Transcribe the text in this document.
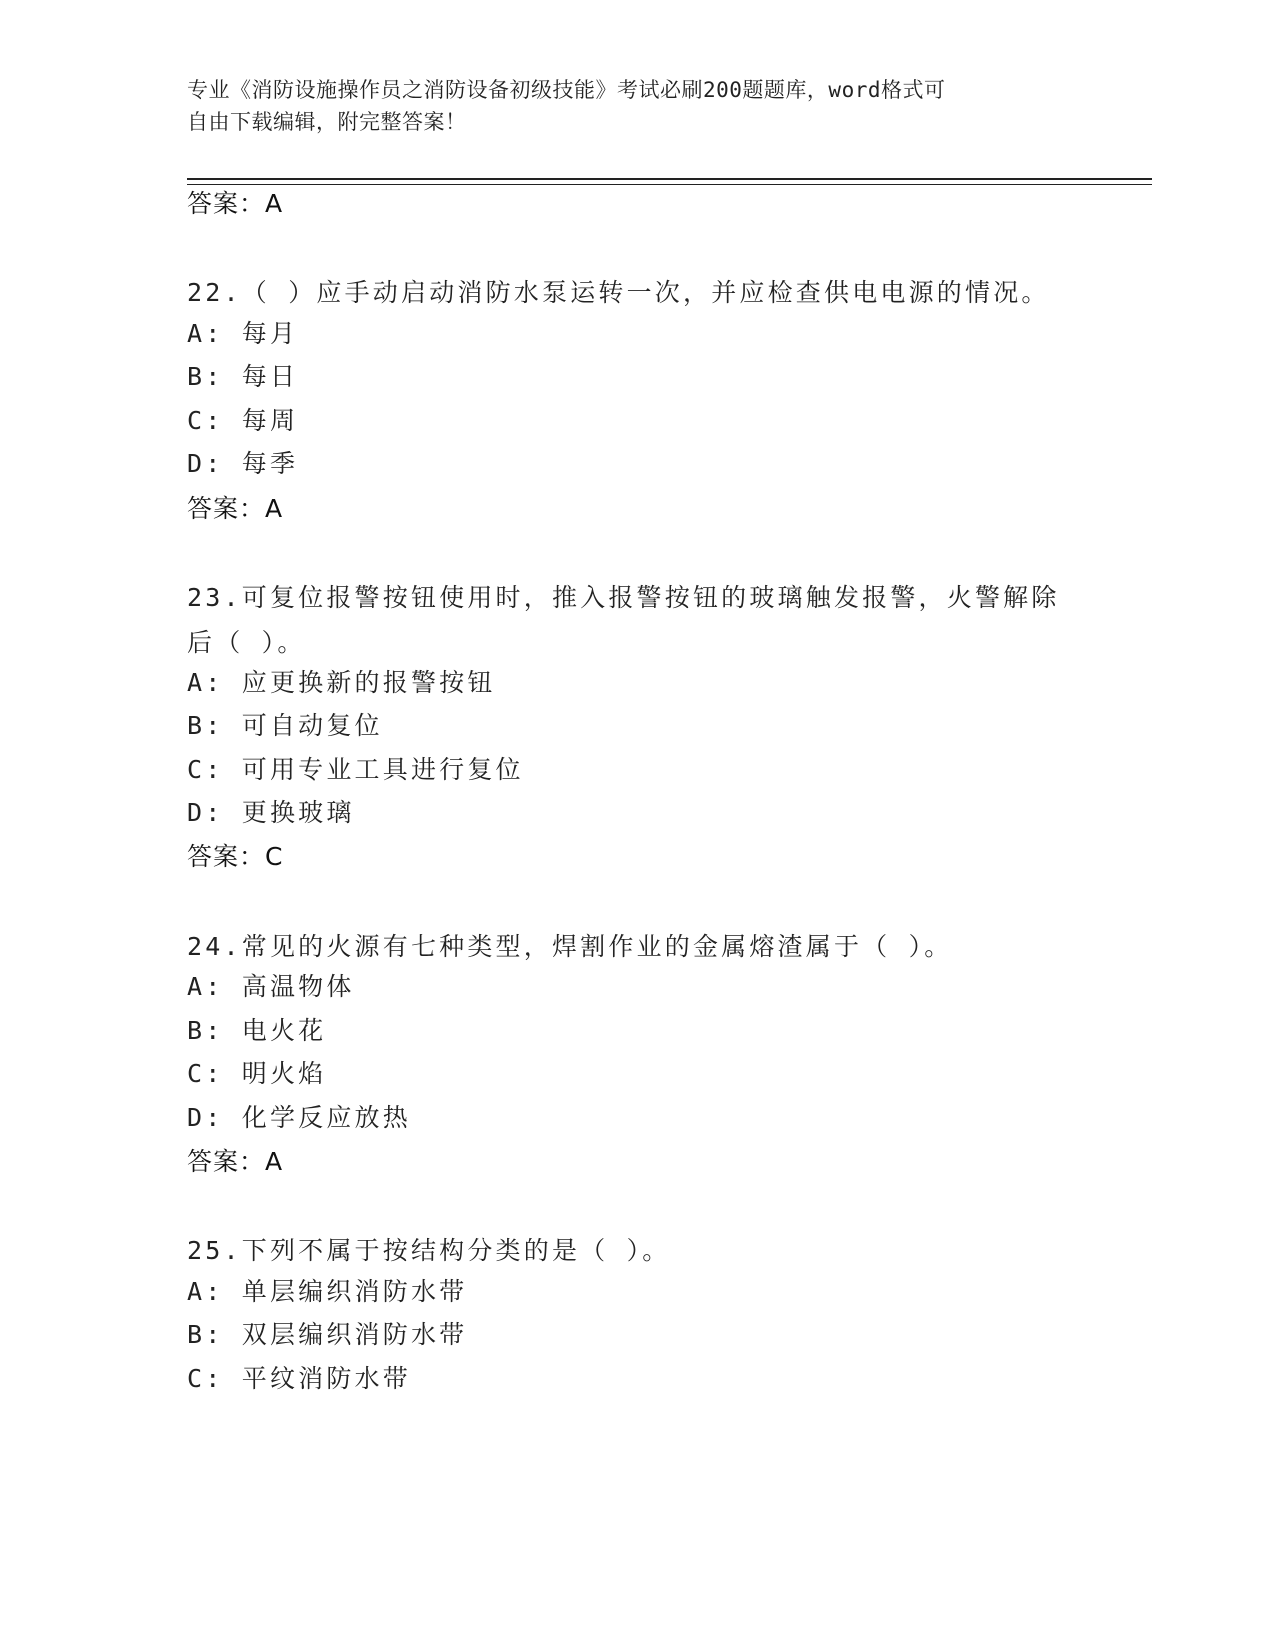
专业《消防设施操作员之消防设备初级技能》考试必刷200题题库，word格式可
自由下载编辑，附完整答案！
答案：A
22.（ ）应手动启动消防水泵运转一次，并应检查供电电源的情况。
A: 每月
B: 每日
C: 每周
D: 每季
答案：A
23.可复位报警按钮使用时，推入报警按钮的玻璃触发报警，火警解除后（ ）。
A: 应更换新的报警按钮
B: 可自动复位
C: 可用专业工具进行复位
D: 更换玻璃
答案：C
24.常见的火源有七种类型，焊割作业的金属熔渣属于（ ）。
A: 高温物体
B: 电火花
C: 明火焰
D: 化学反应放热
答案：A
25.下列不属于按结构分类的是（ ）。
A: 单层编织消防水带
B: 双层编织消防水带
C: 平纹消防水带
